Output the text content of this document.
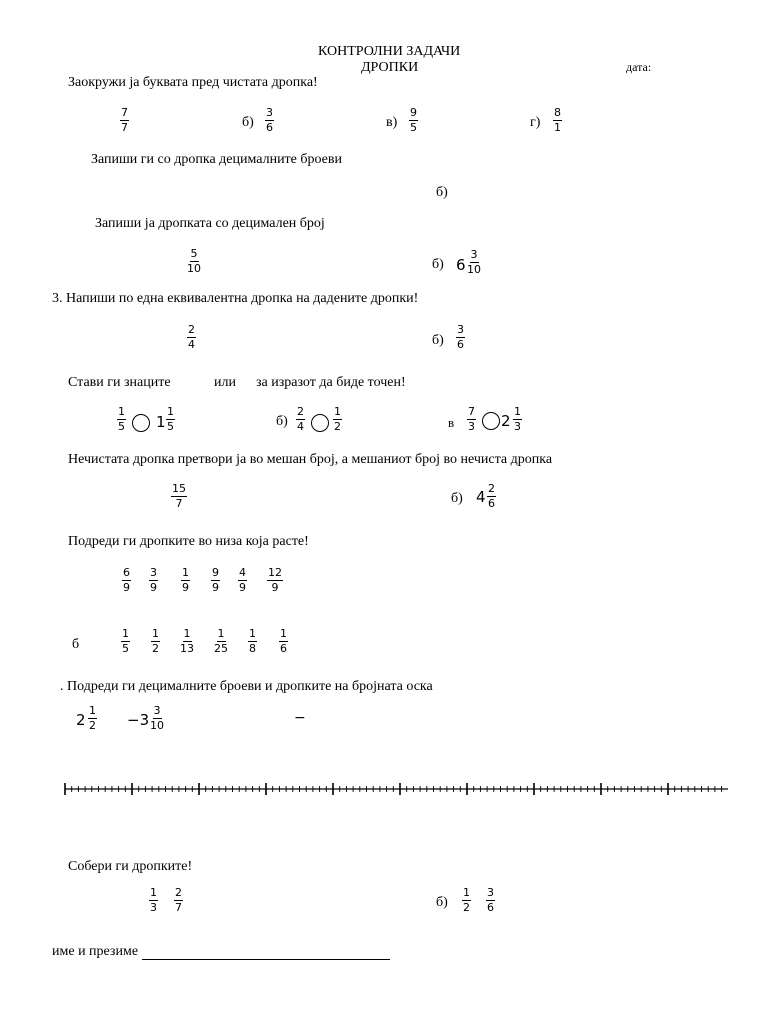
КОНТРОЛНИ ЗАДАЧИ
ДРОПКИ	дата:
Заокружи ја буквата пред чистата дропка!
$\frac{7}{7}$	$б) \frac{3}{6}$	$в) \frac{9}{5}$	$г) \frac{8}{1}$
Запиши ги со дропка децималните броеви
б)
Запиши ја дропката со децимален број
$\frac{5}{10}$	б) $6 \frac{3}{10}$
3. Напиши по една еквивалентна дропка на дадените дропки!
$\frac{2}{4}$	$б) \frac{3}{6}$
Стави ги знаците	или за изразот да биде точен!
$\frac{1}{5} 1 \frac{1}{5}$	$б) \frac{2}{4}$	$\frac{1}{2}$	в $\frac{7}{3} 2 \frac{1}{3}$
Нечистата дропка претвори ја во мешан број, а мешаниот број во нечиста дропка
$\frac{15}{7}$	б) $4 \frac{2}{6}$
Подреди ги дропките во низа која расте!
$\frac{6}{9} \frac{3}{9} \frac{1}{9} \frac{9}{9} \frac{4}{9} \frac{12}{9}$
б	$\frac{1}{5} \frac{1}{2} \frac{1}{13} \frac{1}{25} \frac{1}{8} \frac{1}{6}$
. Подреди ги децималните броеви и дропките на бројната оска
$2 \frac{1}{2} -3 \frac{3}{10}$	−
Собери ги дропките!
$\frac{1}{3} \frac{2}{7}$	$б) \frac{1}{2} \frac{3}{6}$
име и презиме
